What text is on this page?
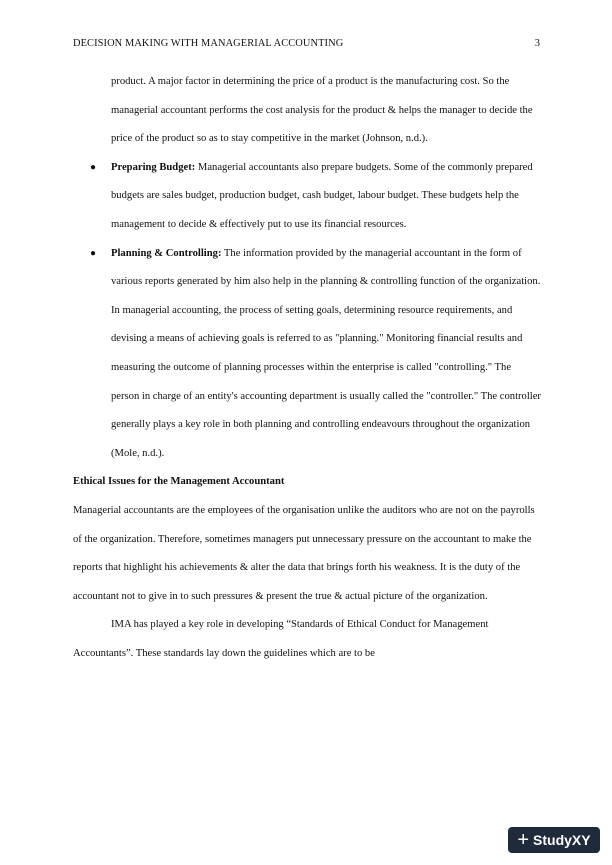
DECISION MAKING WITH MANAGERIAL ACCOUNTING	3

product. A major factor in determining the price of a product is the manufacturing cost. So the managerial accountant performs the cost analysis for the product & helps the manager to decide the price of the product so as to stay competitive in the market (Johnson, n.d.).

● Preparing Budget: Managerial accountants also prepare budgets. Some of the commonly prepared budgets are sales budget, production budget, cash budget, labour budget. These budgets help the management to decide & effectively put to use its financial resources.
● Planning & Controlling: The information provided by the managerial accountant in the form of various reports generated by him also help in the planning & controlling function of the organization. In managerial accounting, the process of setting goals, determining resource requirements, and devising a means of achieving goals is referred to as "planning." Monitoring financial results and measuring the outcome of planning processes within the enterprise is called "controlling." The person in charge of an entity's accounting department is usually called the "controller." The controller generally plays a key role in both planning and controlling endeavours throughout the organization (Mole, n.d.).

Ethical Issues for the Management Accountant

Managerial accountants are the employees of the organisation unlike the auditors who are not on the payrolls of the organization. Therefore, sometimes managers put unnecessary pressure on the accountant to make the reports that highlight his achievements & alter the data that brings forth his weakness. It is the duty of the accountant not to give in to such pressures & present the true & actual picture of the organization.

IMA has played a key role in developing “Standards of Ethical Conduct for Management Accountants”. These standards lay down the guidelines which are to be

+ StudyXY
